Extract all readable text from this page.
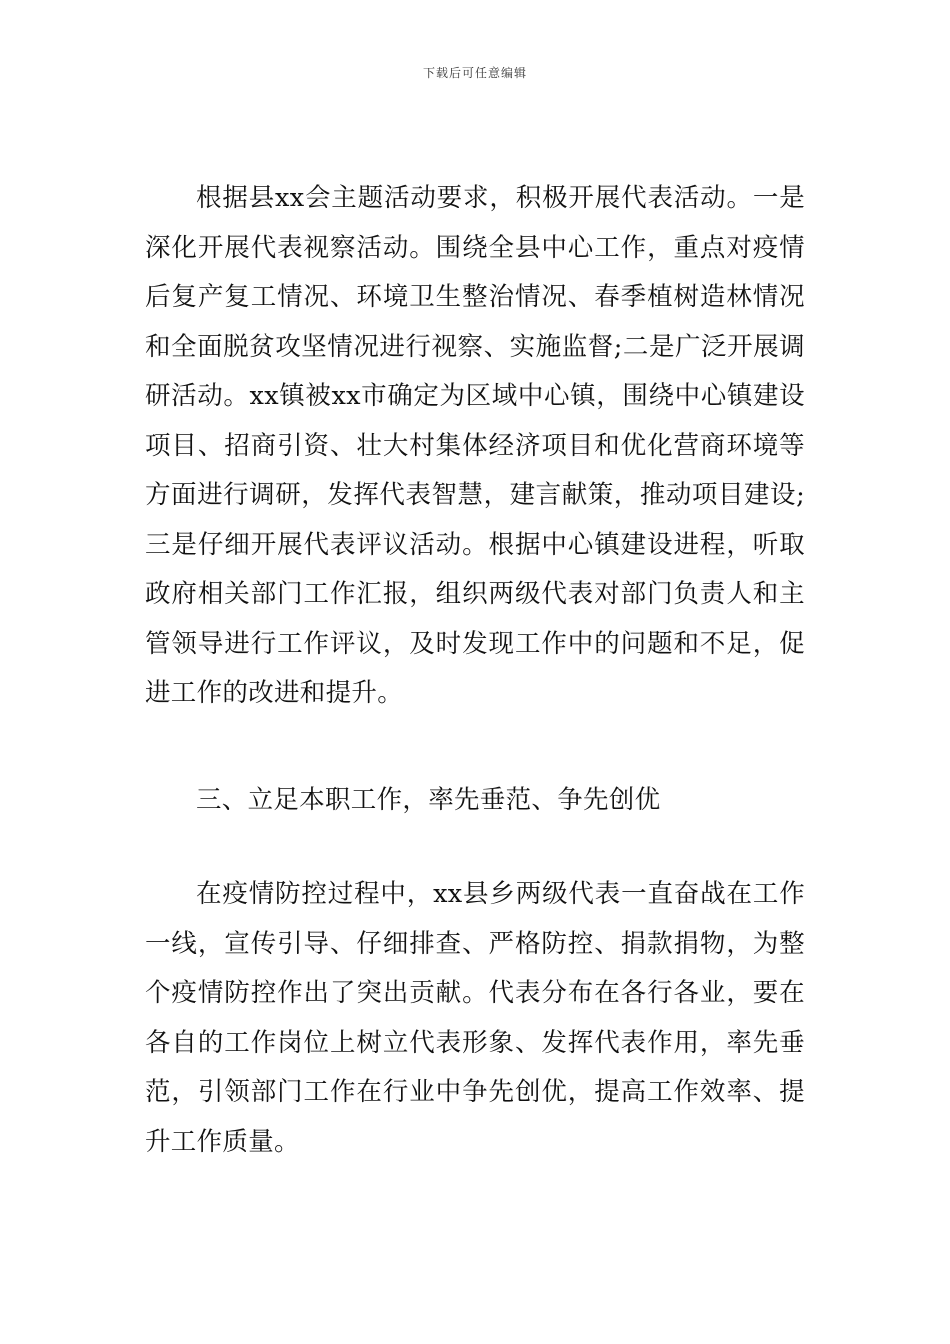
下载后可任意编辑

根据县xx会主题活动要求，积极开展代表活动。一是深化开展代表视察活动。围绕全县中心工作，重点对疫情后复产复工情况、环境卫生整治情况、春季植树造林情况和全面脱贫攻坚情况进行视察、实施监督;二是广泛开展调研活动。xx镇被xx市确定为区域中心镇，围绕中心镇建设项目、招商引资、壮大村集体经济项目和优化营商环境等方面进行调研，发挥代表智慧，建言献策，推动项目建设;三是仔细开展代表评议活动。根据中心镇建设进程，听取政府相关部门工作汇报，组织两级代表对部门负责人和主管领导进行工作评议，及时发现工作中的问题和不足，促进工作的改进和提升。

三、立足本职工作，率先垂范、争先创优

在疫情防控过程中，xx县乡两级代表一直奋战在工作一线，宣传引导、仔细排查、严格防控、捐款捐物，为整个疫情防控作出了突出贡献。代表分布在各行各业，要在各自的工作岗位上树立代表形象、发挥代表作用，率先垂范，引领部门工作在行业中争先创优，提高工作效率、提升工作质量。
